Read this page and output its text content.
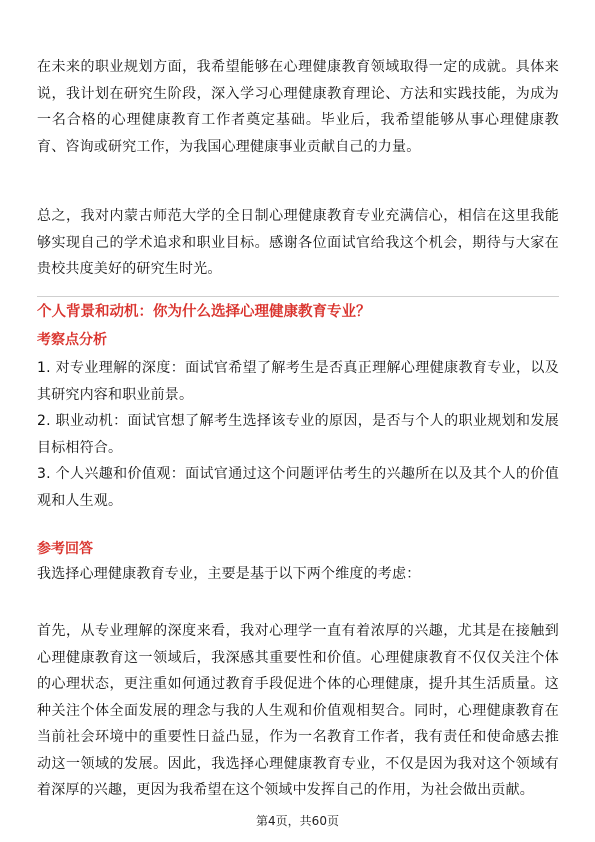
在未来的职业规划方面，我希望能够在心理健康教育领域取得一定的成就。具体来说，我计划在研究生阶段，深入学习心理健康教育理论、方法和实践技能，为成为一名合格的心理健康教育工作者奠定基础。毕业后，我希望能够从事心理健康教育、咨询或研究工作，为我国心理健康事业贡献自己的力量。

总之，我对内蒙古师范大学的全日制心理健康教育专业充满信心，相信在这里我能够实现自己的学术追求和职业目标。感谢各位面试官给我这个机会，期待与大家在贵校共度美好的研究生时光。

个人背景和动机：你为什么选择心理健康教育专业？

考察点分析

1. 对专业理解的深度：面试官希望了解考生是否真正理解心理健康教育专业，以及其研究内容和职业前景。
2. 职业动机：面试官想了解考生选择该专业的原因，是否与个人的职业规划和发展目标相符合。
3. 个人兴趣和价值观：面试官通过这个问题评估考生的兴趣所在以及其个人的价值观和人生观。

参考回答

我选择心理健康教育专业，主要是基于以下两个维度的考虑：

首先，从专业理解的深度来看，我对心理学一直有着浓厚的兴趣，尤其是在接触到心理健康教育这一领域后，我深感其重要性和价值。心理健康教育不仅仅关注个体的心理状态，更注重如何通过教育手段促进个体的心理健康，提升其生活质量。这种关注个体全面发展的理念与我的人生观和价值观相契合。同时，心理健康教育在当前社会环境中的重要性日益凸显，作为一名教育工作者，我有责任和使命感去推动这一领域的发展。因此，我选择心理健康教育专业，不仅是因为我对这个领域有着深厚的兴趣，更因为我希望在这个领域中发挥自己的作用，为社会做出贡献。

第4页，共60页
